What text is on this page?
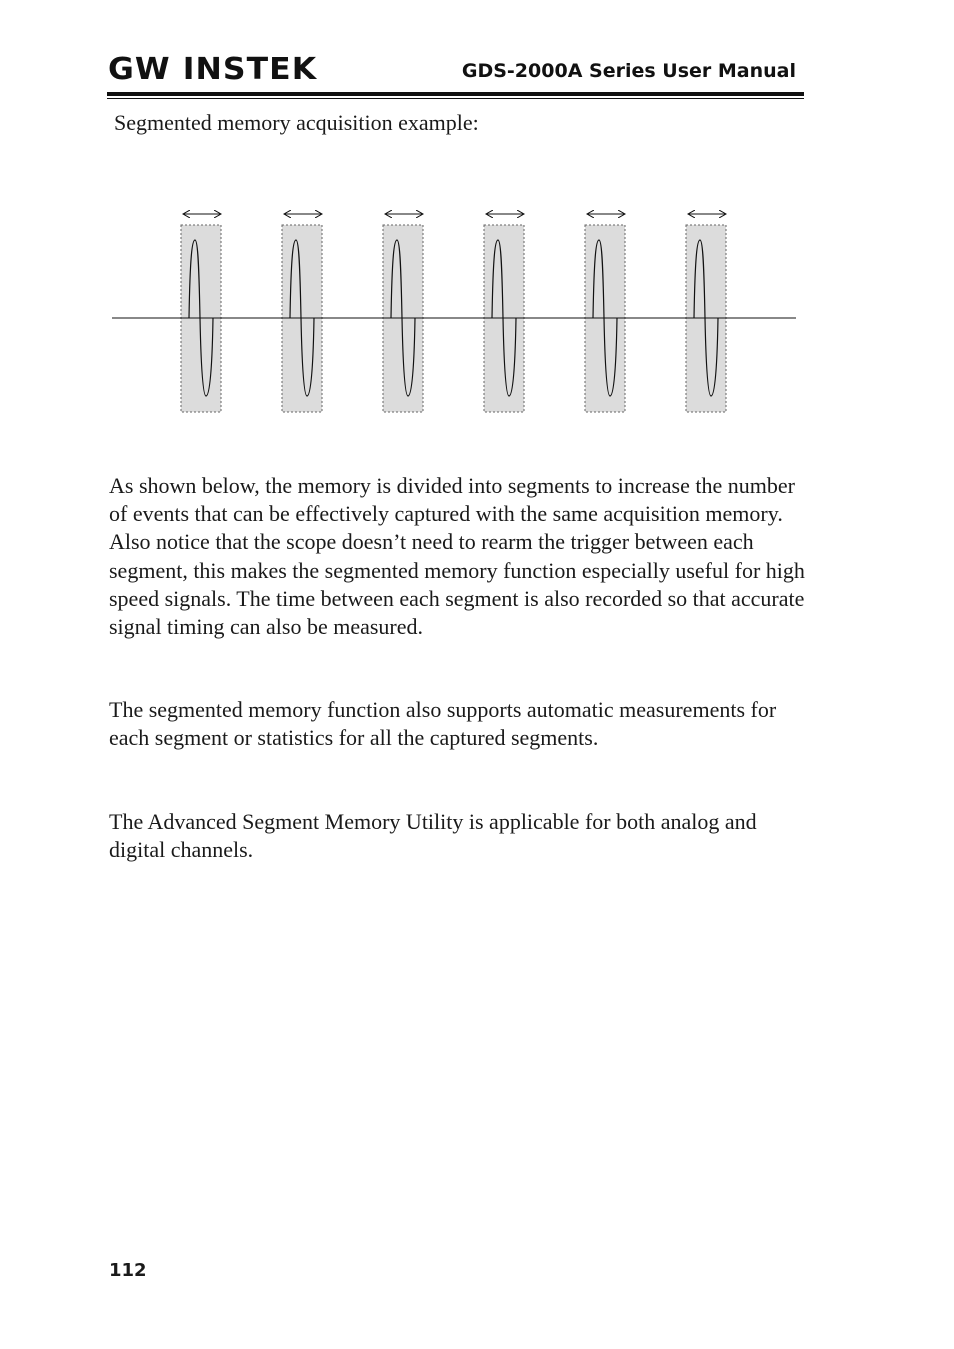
GW INSTEK	GDS-2000A Series User Manual
Segmented memory acquisition example:

As shown below, the memory is divided into segments to increase the number of events that can be effectively captured with the same acquisition memory. Also notice that the scope doesn’t need to rearm the trigger between each segment, this makes the segmented memory function especially useful for high speed signals. The time between each segment is also recorded so that accurate signal timing can also be measured.

The segmented memory function also supports automatic measurements for each segment or statistics for all the captured segments.

The Advanced Segment Memory Utility is applicable for both analog and digital channels.

112
